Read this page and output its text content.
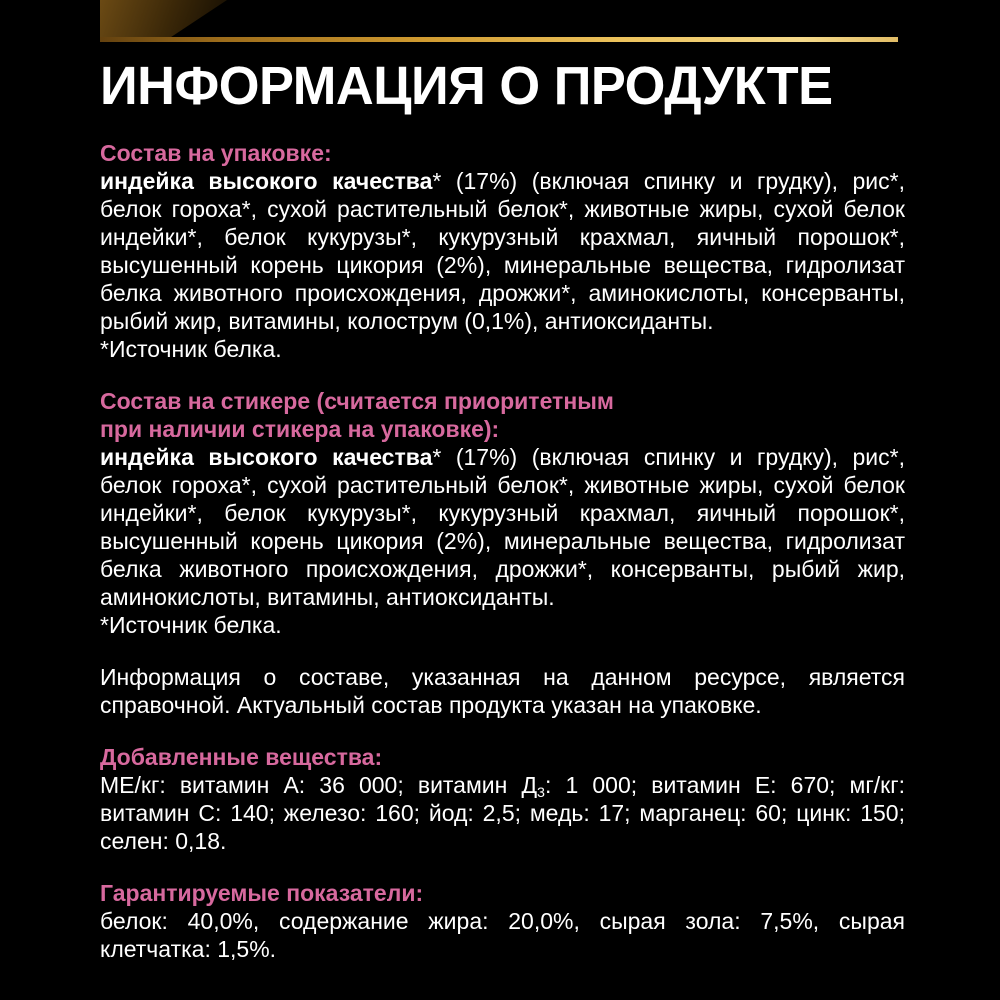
ИНФОРМАЦИЯ О ПРОДУКТЕ
Состав на упаковке:

индейка высокого качества* (17%) (включая спинку и грудку), рис*, белок гороха*, сухой растительный белок*, животные жиры, сухой белок индейки*, белок кукурузы*, кукурузный крахмал, яичный порошок*, высушенный корень цикория (2%), минеральные вещества, гидролизат белка животного происхождения, дрожжи*, аминокислоты, консерванты, рыбий жир, витамины, колострум (0,1%), антиоксиданты.

*Источник белка.

Состав на стикере (считается приоритетным
при наличии стикера на упаковке):

индейка высокого качества* (17%) (включая спинку и грудку), рис*, белок гороха*, сухой растительный белок*, животные жиры, сухой белок индейки*, белок кукурузы*, кукурузный крахмал, яичный порошок*, высушенный корень цикория (2%), минеральные вещества, гидролизат белка животного происхождения, дрожжи*, консерванты, рыбий жир, аминокислоты, витамины, антиоксиданты.

*Источник белка.

Информация о составе, указанная на данном ресурсе, является справочной. Актуальный состав продукта указан на упаковке.

Добавленные вещества:

МЕ/кг: витамин А: 36 000; витамин $Д_3$: 1 000; витамин Е: 670; мг/кг: витамин С: 140; железо: 160; йод: 2,5; медь: 17; марганец: 60; цинк: 150; селен: 0,18.

Гарантируемые показатели:

белок: 40,0%, содержание жира: 20,0%, сырая зола: 7,5%, сырая клетчатка: 1,5%.
